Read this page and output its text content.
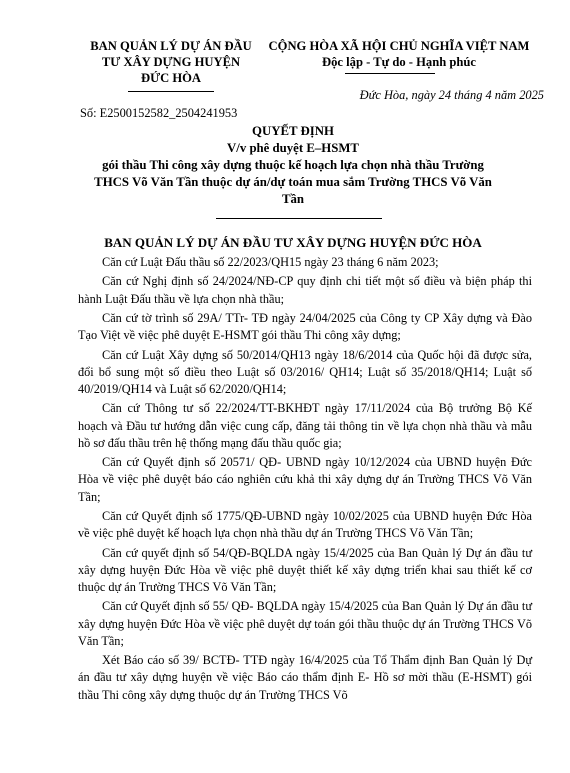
BAN QUẢN LÝ DỰ ÁN ĐẦU
TƯ XÂY DỰNG HUYỆN
ĐỨC HÒA
CỘNG HÒA XÃ HỘI CHỦ NGHĨA VIỆT NAM
Độc lập - Tự do - Hạnh phúc
Đức Hòa, ngày 24 tháng 4 năm 2025
Số: E2500152582_2504241953
QUYẾT ĐỊNH
V/v phê duyệt E–HSMT
gói thầu Thi công xây dựng thuộc kế hoạch lựa chọn nhà thầu Trường
THCS Võ Văn Tần thuộc dự án/dự toán mua sắm Trường THCS Võ Văn
Tần
BAN QUẢN LÝ DỰ ÁN ĐẦU TƯ XÂY DỰNG HUYỆN ĐỨC HÒA

Căn cứ Luật Đấu thầu số 22/2023/QH15 ngày 23 tháng 6 năm 2023;

Căn cứ Nghị định số 24/2024/NĐ-CP quy định chi tiết một số điều và biện pháp thi hành Luật Đấu thầu về lựa chọn nhà thầu;

Căn cứ tờ trình số 29A/ TTr- TĐ ngày 24/04/2025 của Công ty CP Xây dựng và Đào Tạo Việt về việc phê duyệt E-HSMT gói thầu Thi công xây dựng;

Căn cứ Luật Xây dựng số 50/2014/QH13 ngày 18/6/2014 của Quốc hội đã được sửa, đổi bổ sung một số điều theo Luật số 03/2016/ QH14; Luật số 35/2018/QH14; Luật số 40/2019/QH14 và Luật số 62/2020/QH14;

Căn cứ Thông tư số 22/2024/TT-BKHĐT ngày 17/11/2024 của Bộ trưởng Bộ Kế hoạch và Đầu tư hướng dẫn việc cung cấp, đăng tải thông tin về lựa chọn nhà thầu và mẫu hồ sơ đấu thầu trên hệ thống mạng đấu thầu quốc gia;

Căn cứ Quyết định số 20571/ QĐ- UBND ngày 10/12/2024 của UBND huyện Đức Hòa về việc phê duyệt báo cáo nghiên cứu khả thi xây dựng dự án Trường THCS Võ Văn Tần;

Căn cứ Quyết định số 1775/QĐ-UBND ngày 10/02/2025 của UBND huyện Đức Hòa về việc phê duyệt kế hoạch lựa chọn nhà thầu dự án Trường THCS Võ Văn Tần;

Căn cứ quyết định số 54/QĐ-BQLDA ngày 15/4/2025 của Ban Quản lý Dự án đầu tư xây dựng huyện Đức Hòa về việc phê duyệt thiết kế xây dựng triển khai sau thiết kế cơ thuộc dự án Trường THCS Võ Văn Tần;

Căn cứ Quyết định số 55/ QĐ- BQLDA ngày 15/4/2025 của Ban Quản lý Dự án đầu tư xây dựng huyện Đức Hòa về việc phê duyệt dự toán gói thầu thuộc dự án Trường THCS Võ Văn Tần;

Xét Báo cáo số 39/ BCTĐ- TTĐ ngày 16/4/2025 của Tổ Thẩm định Ban Quản lý Dự án đầu tư xây dựng huyện về việc Báo cáo thẩm định E- Hồ sơ mời thầu (E-HSMT) gói thầu Thi công xây dựng thuộc dự án Trường THCS Võ
